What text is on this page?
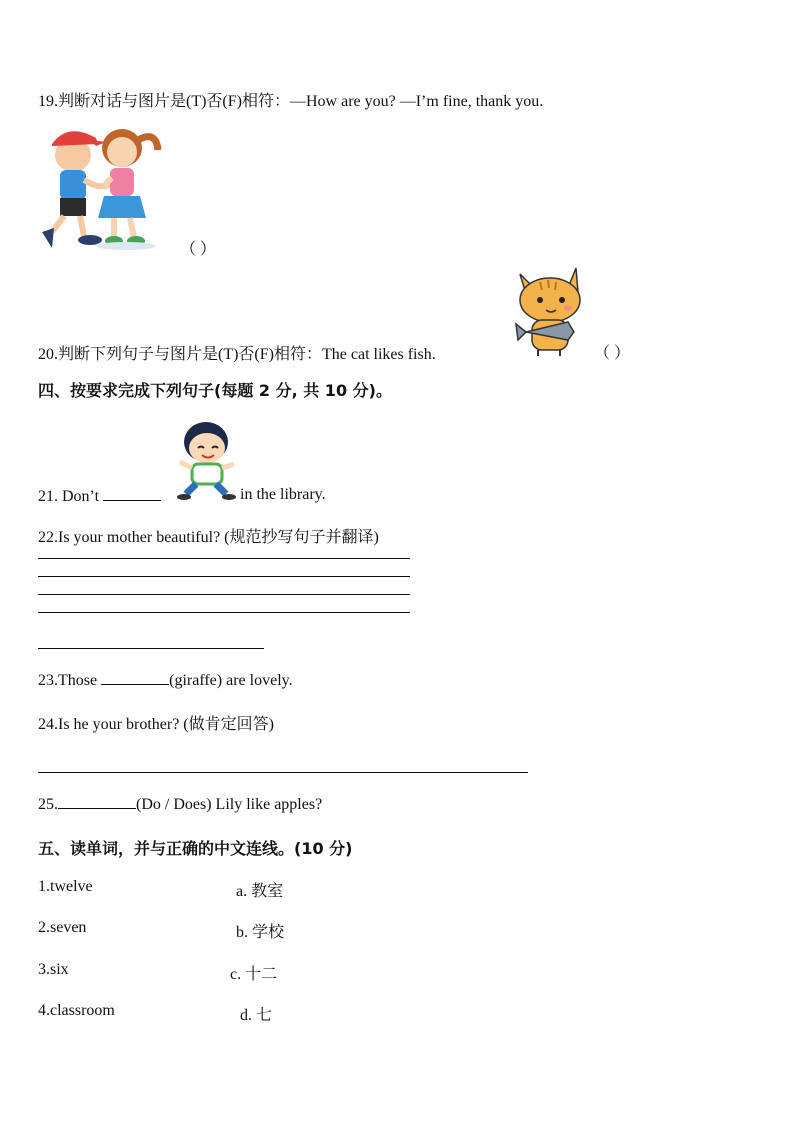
19.判断对话与图片是(T)否(F)相符：—How are you? —I’m fine, thank you.
（ ）
20.判断下列句子与图片是(T)否(F)相符：The cat likes fish.	（ ）
四、按要求完成下列句子(每题 2 分, 共 10 分)。
21. Don’t	in the library.
22.Is your mother beautiful? (规范抄写句子并翻译)
23.Those	(giraffe) are lovely.
24.Is he your brother? (做肯定回答)
25.	(Do / Does) Lily like apples?
五、读单词，并与正确的中文连线。(10 分)
1.twelve	a. 教室
2.seven	b. 学校
3.six	c. 十二
4.classroom	d. 七
